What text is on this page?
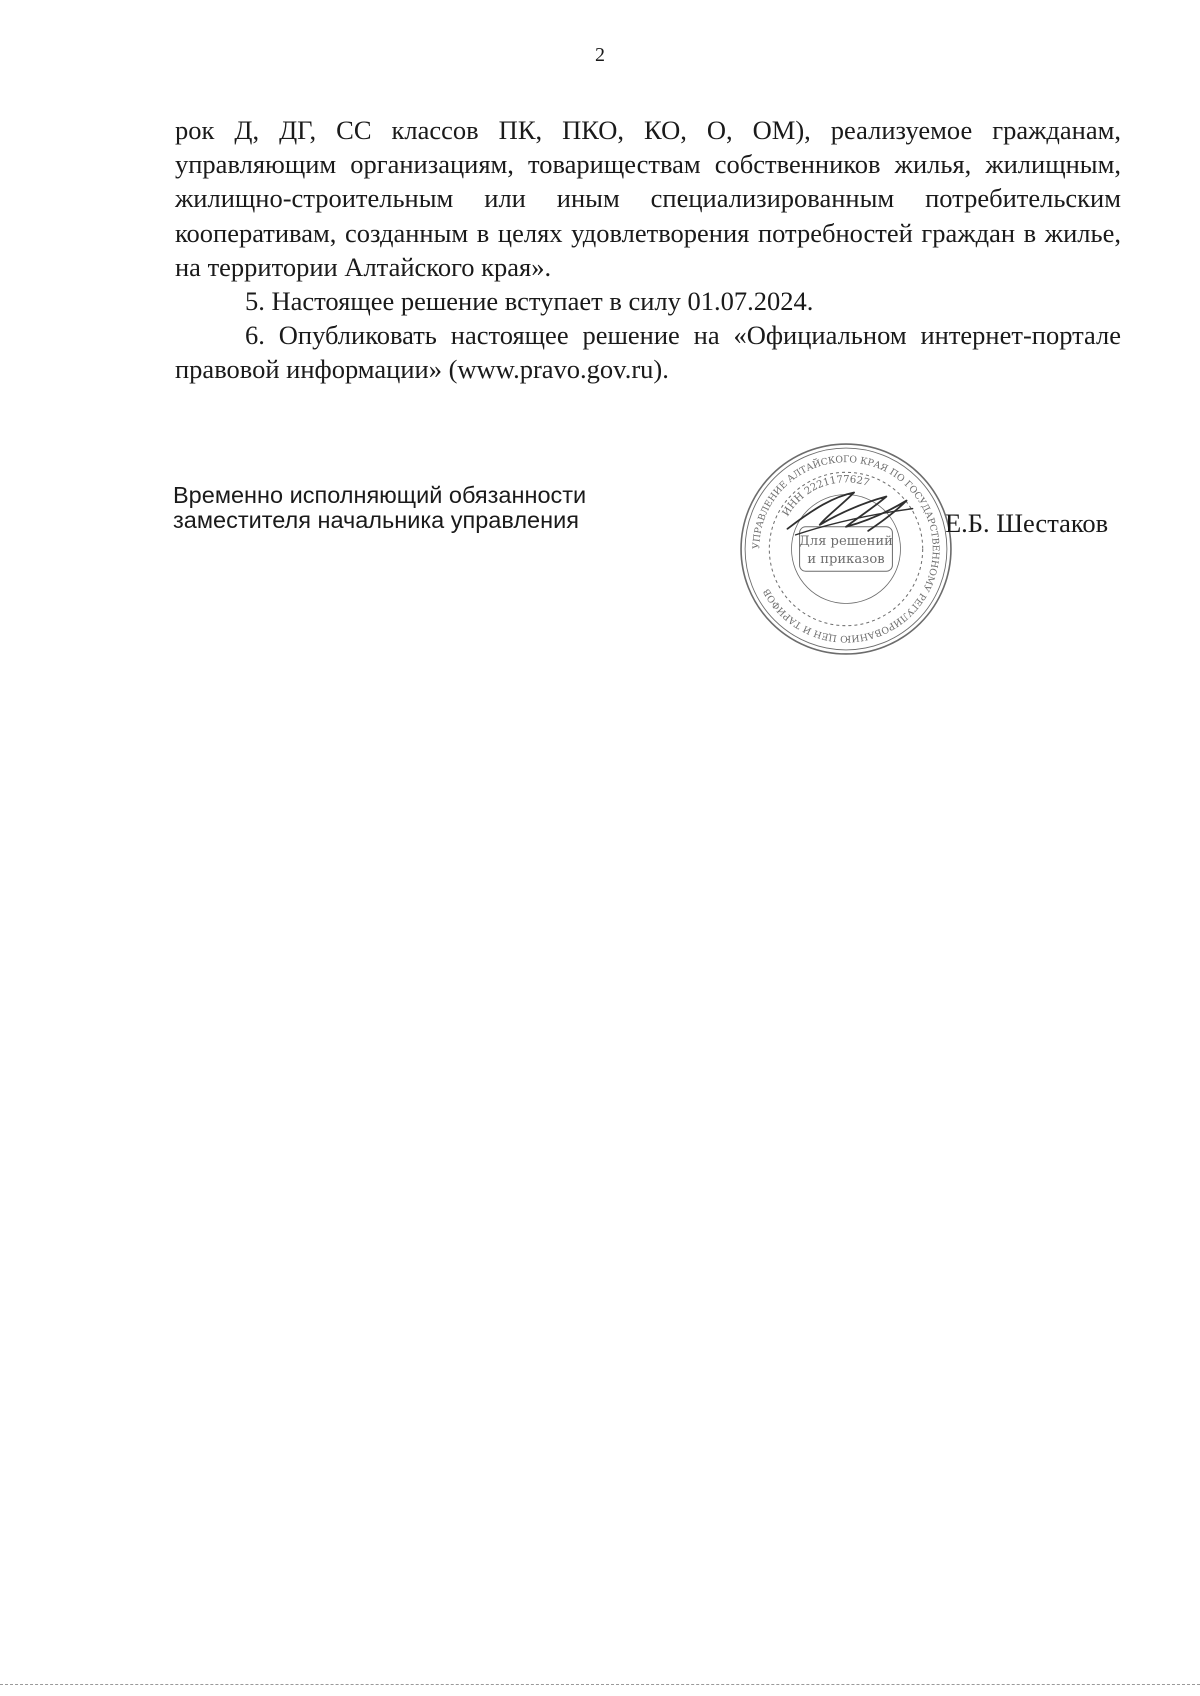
2

рок Д, ДГ, СС классов ПК, ПКО, КО, О, ОМ), реализуемое гражданам, управляющим организациям, товариществам собственников жилья, жилищным, жилищно-строительным или иным специализированным потребительским кооперативам, созданным в целях удовлетворения потребностей граждан в жилье, на территории Алтайского края».

5. Настоящее решение вступает в силу 01.07.2024.

6. Опубликовать настоящее решение на «Официальном интернет-портале правовой информации» (www.pravo.gov.ru).

Временно исполняющий обязанности
заместителя начальника управления
УПРАВЛЕНИЕ АЛТАЙСКОГО КРАЯ ПО ГОСУДАРСТВЕННОМУ РЕГУЛИРОВАНИЮ ЦЕН И ТАРИФОВ
ИНН 2221177627
Для решений
и приказов
Е.Б. Шестаков
